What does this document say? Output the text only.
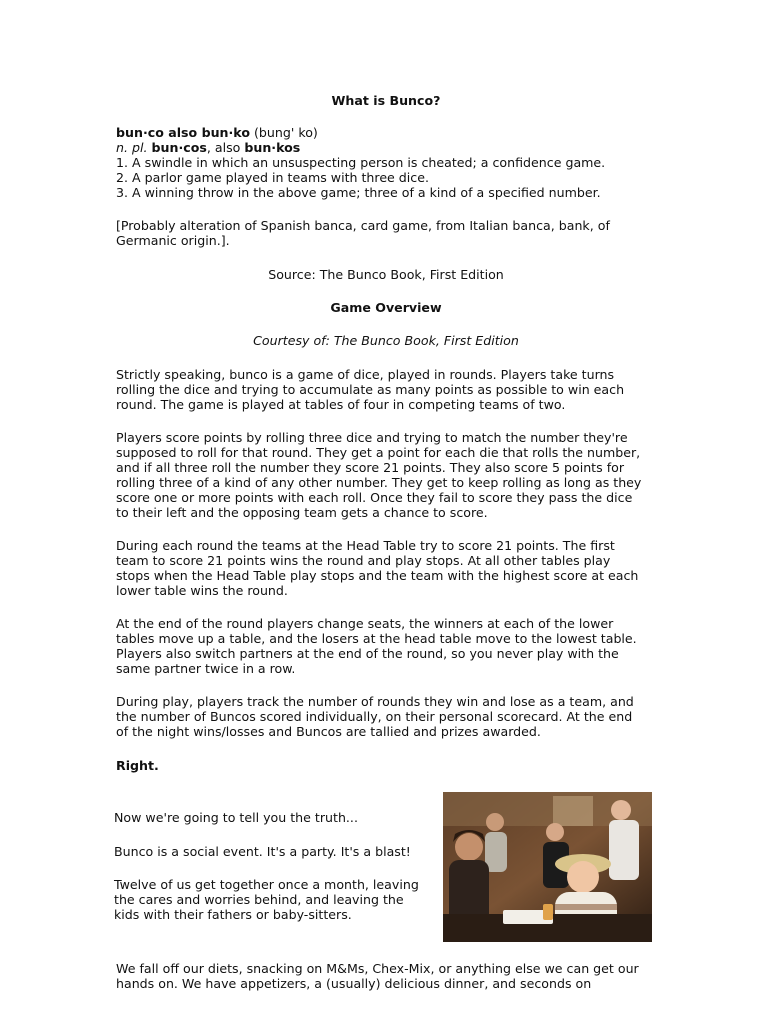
What is Bunco?

bun·co also bun·ko (bung' ko)

n. pl. bun·cos, also bun·kos

1. A swindle in which an unsuspecting person is cheated; a confidence game.

2. A parlor game played in teams with three dice.

3. A winning throw in the above game; three of a kind of a specified number.

[Probably alteration of Spanish banca, card game, from Italian banca, bank, of Germanic origin.].

Source: The Bunco Book, First Edition

Game Overview

Courtesy of: The Bunco Book, First Edition

Strictly speaking, bunco is a game of dice, played in rounds. Players take turns rolling the dice and trying to accumulate as many points as possible to win each round. The game is played at tables of four in competing teams of two.

Players score points by rolling three dice and trying to match the number they're supposed to roll for that round. They get a point for each die that rolls the number, and if all three roll the number they score 21 points. They also score 5 points for rolling three of a kind of any other number. They get to keep rolling as long as they score one or more points with each roll. Once they fail to score they pass the dice to their left and the opposing team gets a chance to score.

During each round the teams at the Head Table try to score 21 points. The first team to score 21 points wins the round and play stops. At all other tables play stops when the Head Table play stops and the team with the highest score at each lower table wins the round.

At the end of the round players change seats, the winners at each of the lower tables move up a table, and the losers at the head table move to the lowest table. Players also switch partners at the end of the round, so you never play with the same partner twice in a row.

During play, players track the number of rounds they win and lose as a team, and the number of Buncos scored individually, on their personal scorecard. At the end of the night wins/losses and Buncos are tallied and prizes awarded.

Right.

Now we're going to tell you the truth...

Bunco is a social event. It's a party. It's a blast!

Twelve of us get together once a month, leaving the cares and worries behind, and leaving the kids with their fathers or baby-sitters.

We fall off our diets, snacking on M&Ms, Chex-Mix, or anything else we can get our hands on. We have appetizers, a (usually) delicious dinner, and seconds on
